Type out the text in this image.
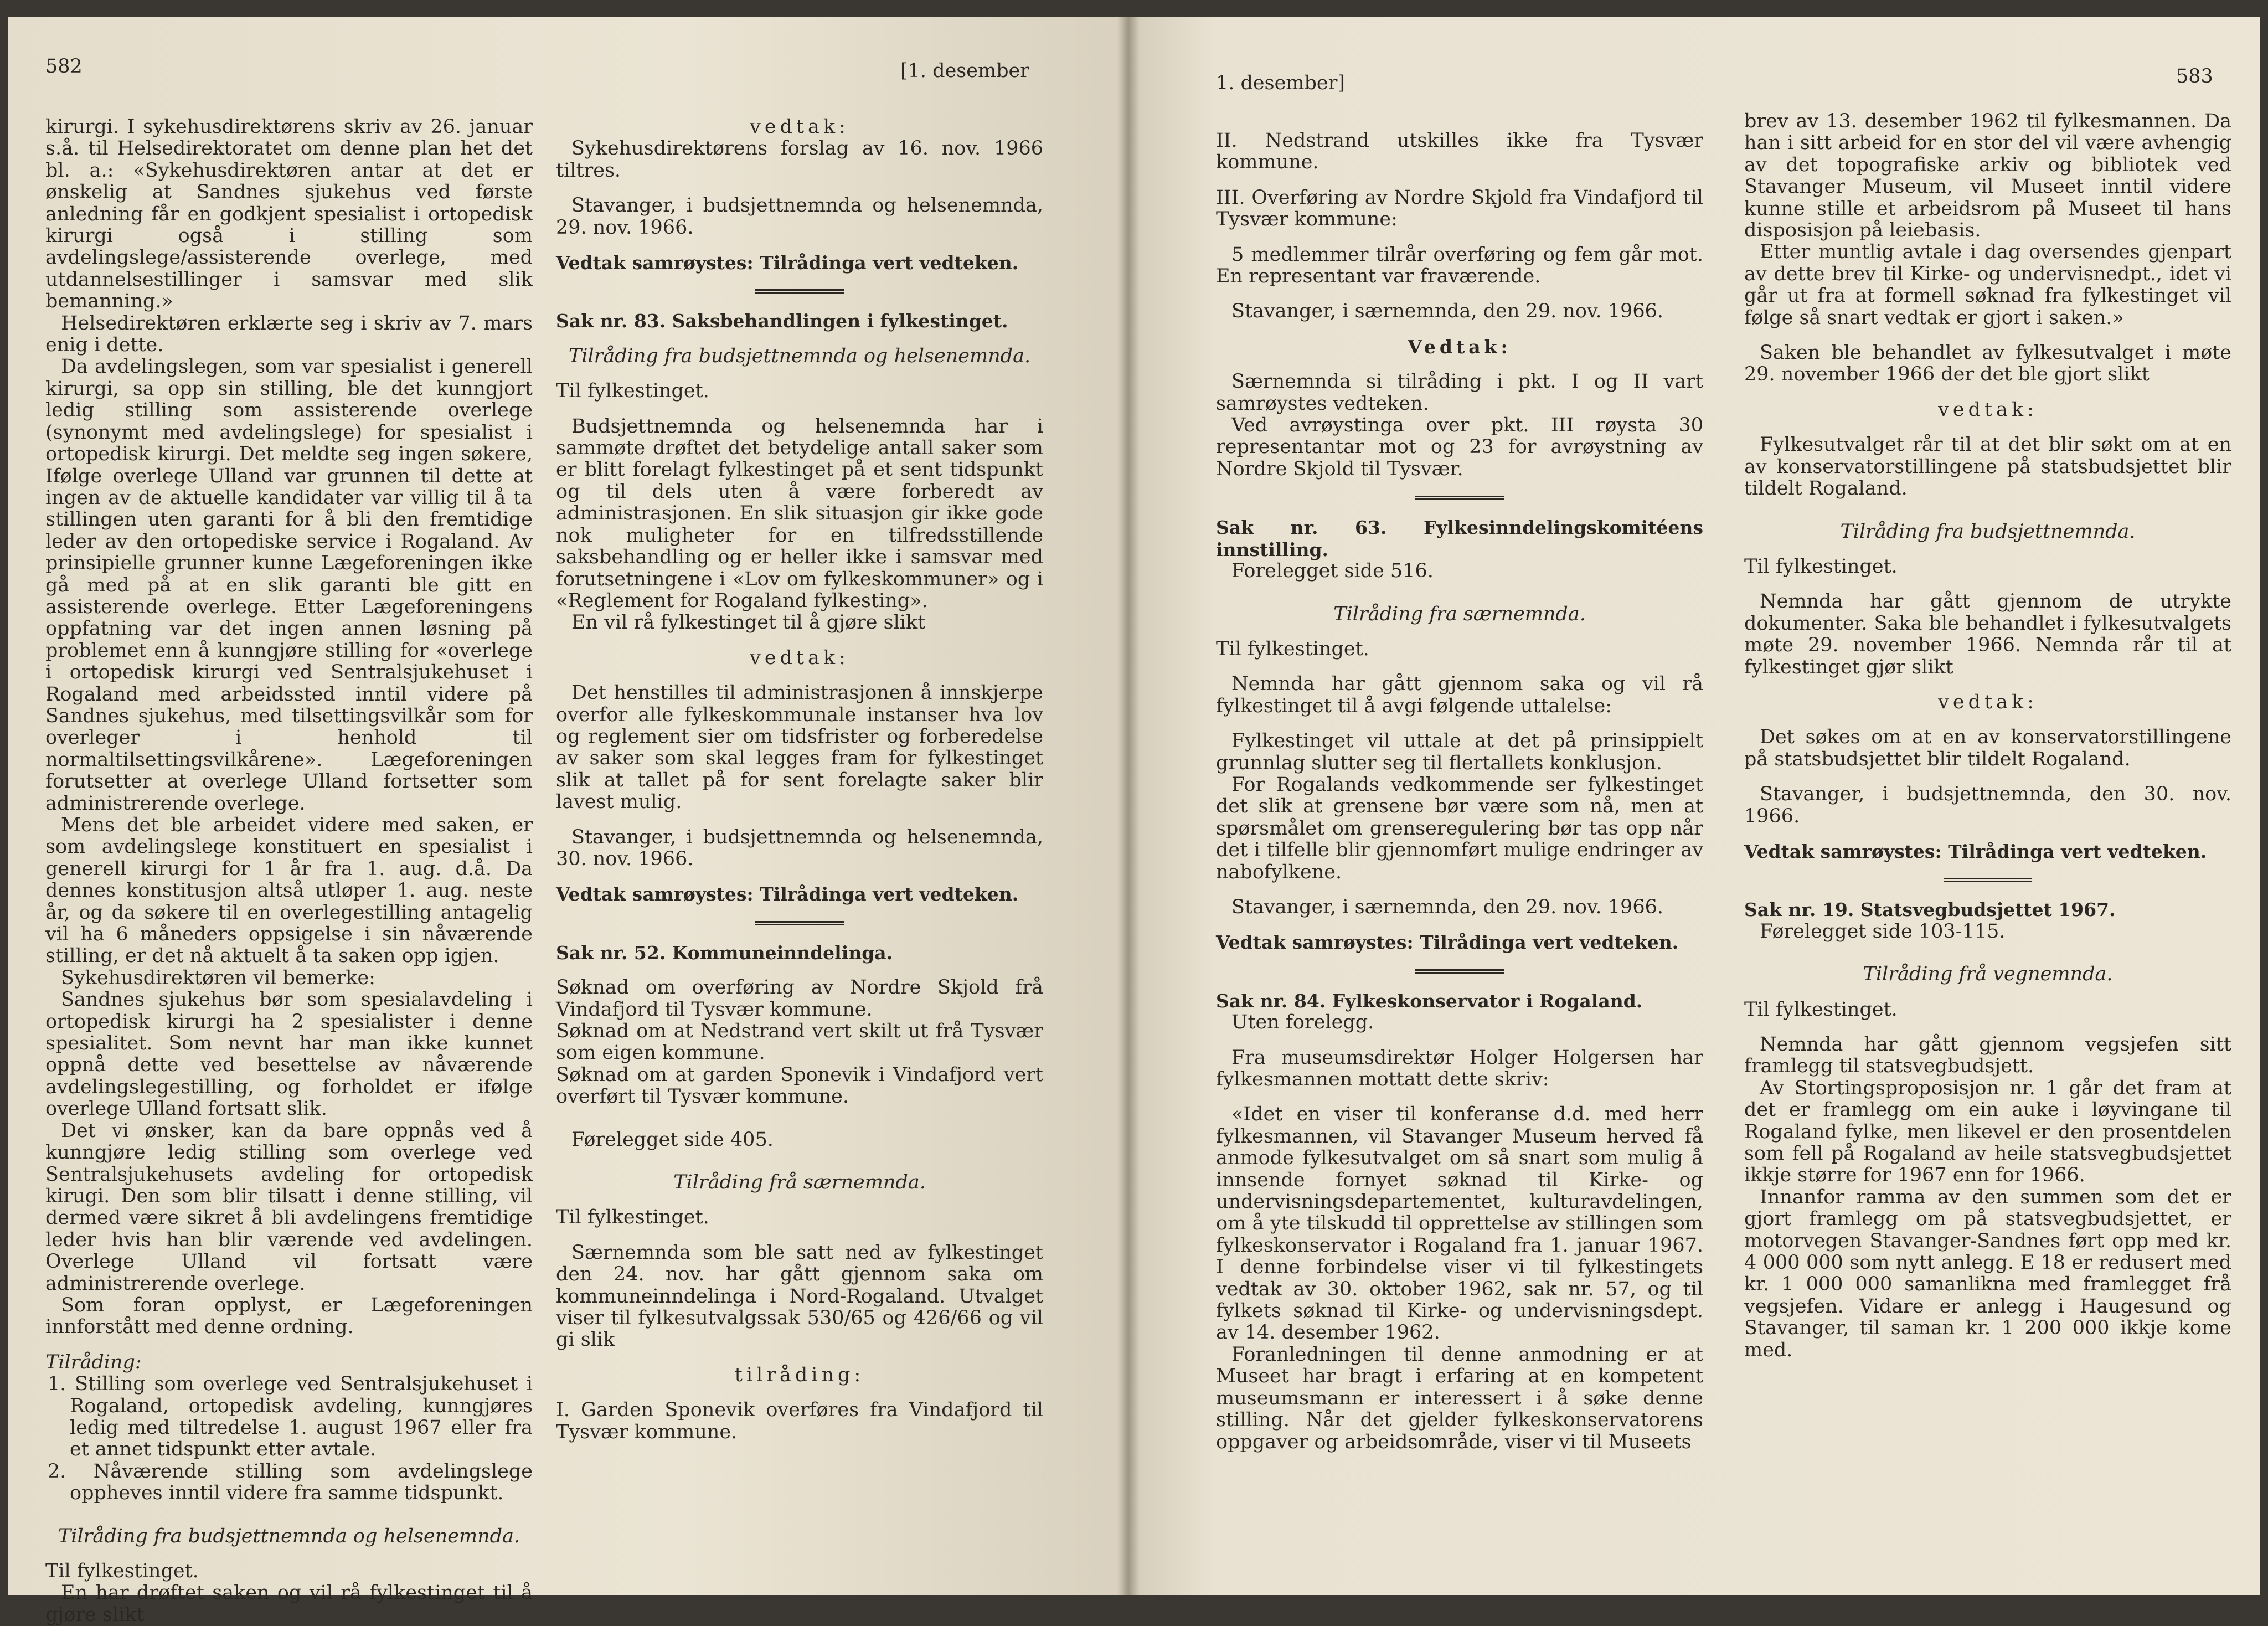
582	[1. desember

kirurgi. I sykehusdirektørens skriv av 26. januar s.å. til Helsedirektoratet om denne plan het det bl. a.: «Sykehusdirektøren antar at det er ønskelig at Sandnes sjukehus ved første anledning får en godkjent spesialist i ortopedisk kirurgi også i stilling som avdelingslege/assisterende overlege, med utdannelsestillinger i samsvar med slik bemanning.»

Helsedirektøren erklærte seg i skriv av 7. mars enig i dette.

Da avdelingslegen, som var spesialist i generell kirurgi, sa opp sin stilling, ble det kunngjort ledig stilling som assisterende overlege (synonymt med avdelingslege) for spesialist i ortopedisk kirurgi. Det meldte seg ingen søkere, Ifølge overlege Ulland var grunnen til dette at ingen av de aktuelle kandidater var villig til å ta stillingen uten garanti for å bli den fremtidige leder av den ortopediske service i Rogaland. Av prinsipielle grunner kunne Lægeforeningen ikke gå med på at en slik garanti ble gitt en assisterende overlege. Etter Lægeforeningens oppfatning var det ingen annen løsning på problemet enn å kunngjøre stilling for «overlege i ortopedisk kirurgi ved Sentralsjukehuset i Rogaland med arbeidssted inntil videre på Sandnes sjukehus, med tilsettingsvilkår som for overleger i henhold til normaltilsettingsvilkårene». Lægeforeningen forutsetter at overlege Ulland fortsetter som administrerende overlege.

Mens det ble arbeidet videre med saken, er som avdelingslege konstituert en spesialist i generell kirurgi for 1 år fra 1. aug. d.å. Da dennes konstitusjon altså utløper 1. aug. neste år, og da søkere til en overlegestilling antagelig vil ha 6 måneders oppsigelse i sin nåværende stilling, er det nå aktuelt å ta saken opp igjen.

Sykehusdirektøren vil bemerke:

Sandnes sjukehus bør som spesialavdeling i ortopedisk kirurgi ha 2 spesialister i denne spesialitet. Som nevnt har man ikke kunnet oppnå dette ved besettelse av nåværende avdelingslegestilling, og forholdet er ifølge overlege Ulland fortsatt slik.

Det vi ønsker, kan da bare oppnås ved å kunngjøre ledig stilling som overlege ved Sentralsjukehusets avdeling for ortopedisk kirugi. Den som blir tilsatt i denne stilling, vil dermed være sikret å bli avdelingens fremtidige leder hvis han blir værende ved avdelingen. Overlege Ulland vil fortsatt være administrerende overlege.

Som foran opplyst, er Lægeforeningen innforstått med denne ordning.

Tilråding:

1. Stilling som overlege ved Sentralsjukehuset i Rogaland, ortopedisk avdeling, kunngjøres ledig med tiltredelse 1. august 1967 eller fra et annet tidspunkt etter avtale.

2. Nåværende stilling som avdelingslege oppheves inntil videre fra samme tidspunkt.

Tilråding fra budsjettnemnda og helsenemnda.

Til fylkestinget.

En har drøftet saken og vil rå fylkestinget til å gjøre slikt

vedtak:

Sykehusdirektørens forslag av 16. nov. 1966 tiltres.

Stavanger, i budsjettnemnda og helsenemnda, 29. nov. 1966.

Vedtak samrøystes: Tilrådinga vert vedteken.

Sak nr. 83. Saksbehandlingen i fylkestinget.

Tilråding fra budsjettnemnda og helsenemnda.

Til fylkestinget.

Budsjettnemnda og helsenemnda har i sammøte drøftet det betydelige antall saker som er blitt forelagt fylkestinget på et sent tidspunkt og til dels uten å være forberedt av administrasjonen. En slik situasjon gir ikke gode nok muligheter for en tilfredsstillende saksbehandling og er heller ikke i samsvar med forutsetningene i «Lov om fylkeskommuner» og i «Reglement for Rogaland fylkesting».

En vil rå fylkestinget til å gjøre slikt

vedtak:

Det henstilles til administrasjonen å innskjerpe overfor alle fylkeskommunale instanser hva lov og reglement sier om tidsfrister og forberedelse av saker som skal legges fram for fylkestinget slik at tallet på for sent forelagte saker blir lavest mulig.

Stavanger, i budsjettnemnda og helsenemnda, 30. nov. 1966.

Vedtak samrøystes: Tilrådinga vert vedteken.

Sak nr. 52. Kommuneinndelinga.

Søknad om overføring av Nordre Skjold frå Vindafjord til Tysvær kommune.

Søknad om at Nedstrand vert skilt ut frå Tysvær som eigen kommune.

Søknad om at garden Sponevik i Vindafjord vert overført til Tysvær kommune.

Førelegget side 405.

Tilråding frå særnemnda.

Til fylkestinget.

Særnemnda som ble satt ned av fylkestinget den 24. nov. har gått gjennom saka om kommuneinndelinga i Nord-Rogaland. Utvalget viser til fylkesutvalgssak 530/65 og 426/66 og vil gi slik

tilråding:

I. Garden Sponevik overføres fra Vindafjord til Tysvær kommune.

1. desember]	583

II. Nedstrand utskilles ikke fra Tysvær kommune.

III. Overføring av Nordre Skjold fra Vindafjord til Tysvær kommune:

5 medlemmer tilrår overføring og fem går mot. En representant var fraværende.

Stavanger, i særnemnda, den 29. nov. 1966.

Vedtak:

Særnemnda si tilråding i pkt. I og II vart samrøystes vedteken.

Ved avrøystinga over pkt. III røysta 30 representantar mot og 23 for avrøystning av Nordre Skjold til Tysvær.

Sak nr. 63. Fylkesinndelingskomitéens innstilling.

Forelegget side 516.

Tilråding fra særnemnda.

Til fylkestinget.

Nemnda har gått gjennom saka og vil rå fylkestinget til å avgi følgende uttalelse:

Fylkestinget vil uttale at det på prinsippielt grunnlag slutter seg til flertallets konklusjon.

For Rogalands vedkommende ser fylkestinget det slik at grensene bør være som nå, men at spørsmålet om grenseregulering bør tas opp når det i tilfelle blir gjennomført mulige endringer av nabofylkene.

Stavanger, i særnemnda, den 29. nov. 1966.

Vedtak samrøystes: Tilrådinga vert vedteken.

Sak nr. 84. Fylkeskonservator i Rogaland.

Uten forelegg.

Fra museumsdirektør Holger Holgersen har fylkesmannen mottatt dette skriv:

«Idet en viser til konferanse d.d. med herr fylkesmannen, vil Stavanger Museum herved få anmode fylkesutvalget om så snart som mulig å innsende fornyet søknad til Kirke- og undervisningsdepartementet, kulturavdelingen, om å yte tilskudd til opprettelse av stillingen som fylkeskonservator i Rogaland fra 1. januar 1967. I denne forbindelse viser vi til fylkestingets vedtak av 30. oktober 1962, sak nr. 57, og til fylkets søknad til Kirke- og undervisningsdept. av 14. desember 1962.

Foranledningen til denne anmodning er at Museet har bragt i erfaring at en kompetent museumsmann er interessert i å søke denne stilling. Når det gjelder fylkeskonservatorens oppgaver og arbeidsområde, viser vi til Museets

brev av 13. desember 1962 til fylkesmannen. Da han i sitt arbeid for en stor del vil være avhengig av det topografiske arkiv og bibliotek ved Stavanger Museum, vil Museet inntil videre kunne stille et arbeidsrom på Museet til hans disposisjon på leiebasis.

Etter muntlig avtale i dag oversendes gjenpart av dette brev til Kirke- og undervisnedpt., idet vi går ut fra at formell søknad fra fylkestinget vil følge så snart vedtak er gjort i saken.»

Saken ble behandlet av fylkesutvalget i møte 29. november 1966 der det ble gjort slikt

vedtak:

Fylkesutvalget rår til at det blir søkt om at en av konservatorstillingene på statsbudsjettet blir tildelt Rogaland.

Tilråding fra budsjettnemnda.

Til fylkestinget.

Nemnda har gått gjennom de utrykte dokumenter. Saka ble behandlet i fylkesutvalgets møte 29. november 1966. Nemnda rår til at fylkestinget gjør slikt

vedtak:

Det søkes om at en av konservatorstillingene på statsbudsjettet blir tildelt Rogaland.

Stavanger, i budsjettnemnda, den 30. nov. 1966.

Vedtak samrøystes: Tilrådinga vert vedteken.

Sak nr. 19. Statsvegbudsjettet 1967.

Førelegget side 103-115.

Tilråding frå vegnemnda.

Til fylkestinget.

Nemnda har gått gjennom vegsjefen sitt framlegg til statsvegbudsjett.

Av Stortingsproposisjon nr. 1 går det fram at det er framlegg om ein auke i løyvingane til Rogaland fylke, men likevel er den prosentdelen som fell på Rogaland av heile statsvegbudsjettet ikkje større for 1967 enn for 1966.

Innanfor ramma av den summen som det er gjort framlegg om på statsvegbudsjettet, er motorvegen Stavanger-Sandnes ført opp med kr. 4 000 000 som nytt anlegg. E 18 er redusert med kr. 1 000 000 samanlikna med framlegget frå vegsjefen. Vidare er anlegg i Haugesund og Stavanger, til saman kr. 1 200 000 ikkje kome med.
